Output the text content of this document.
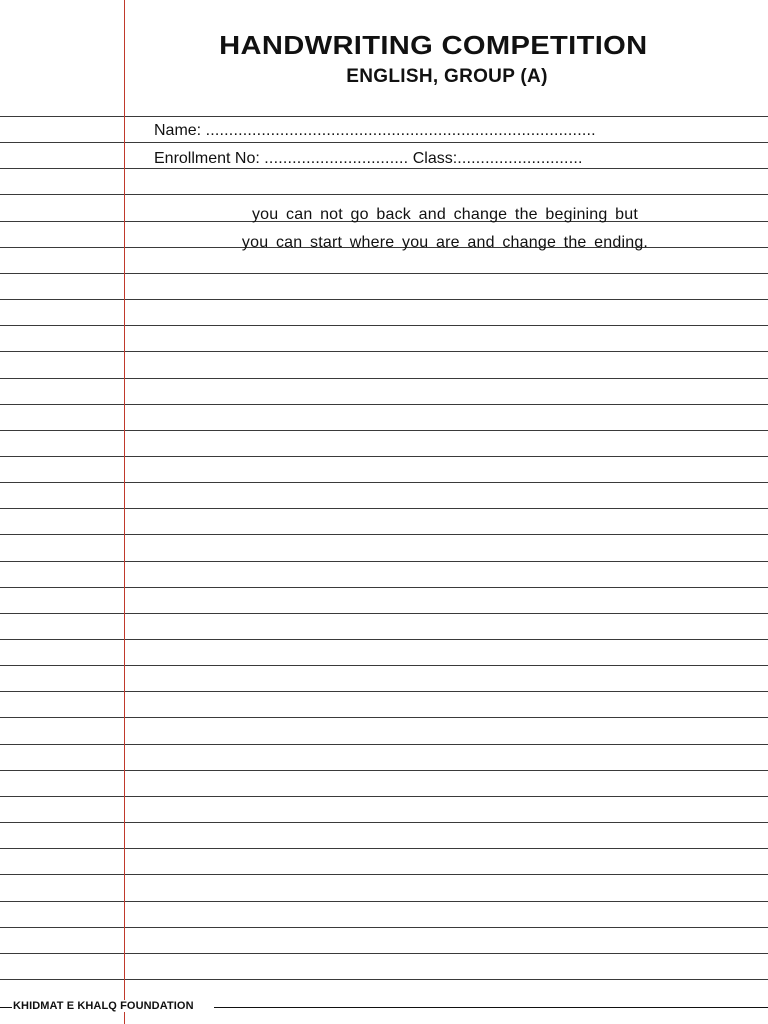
HANDWRITING COMPETITION
ENGLISH, GROUP (A)
Name: ....................................................................................
Enrollment No: ............................... Class:...........................
you can not go back and change the begining but
you can start where you are and change the ending.
KHIDMAT E KHALQ FOUNDATION
